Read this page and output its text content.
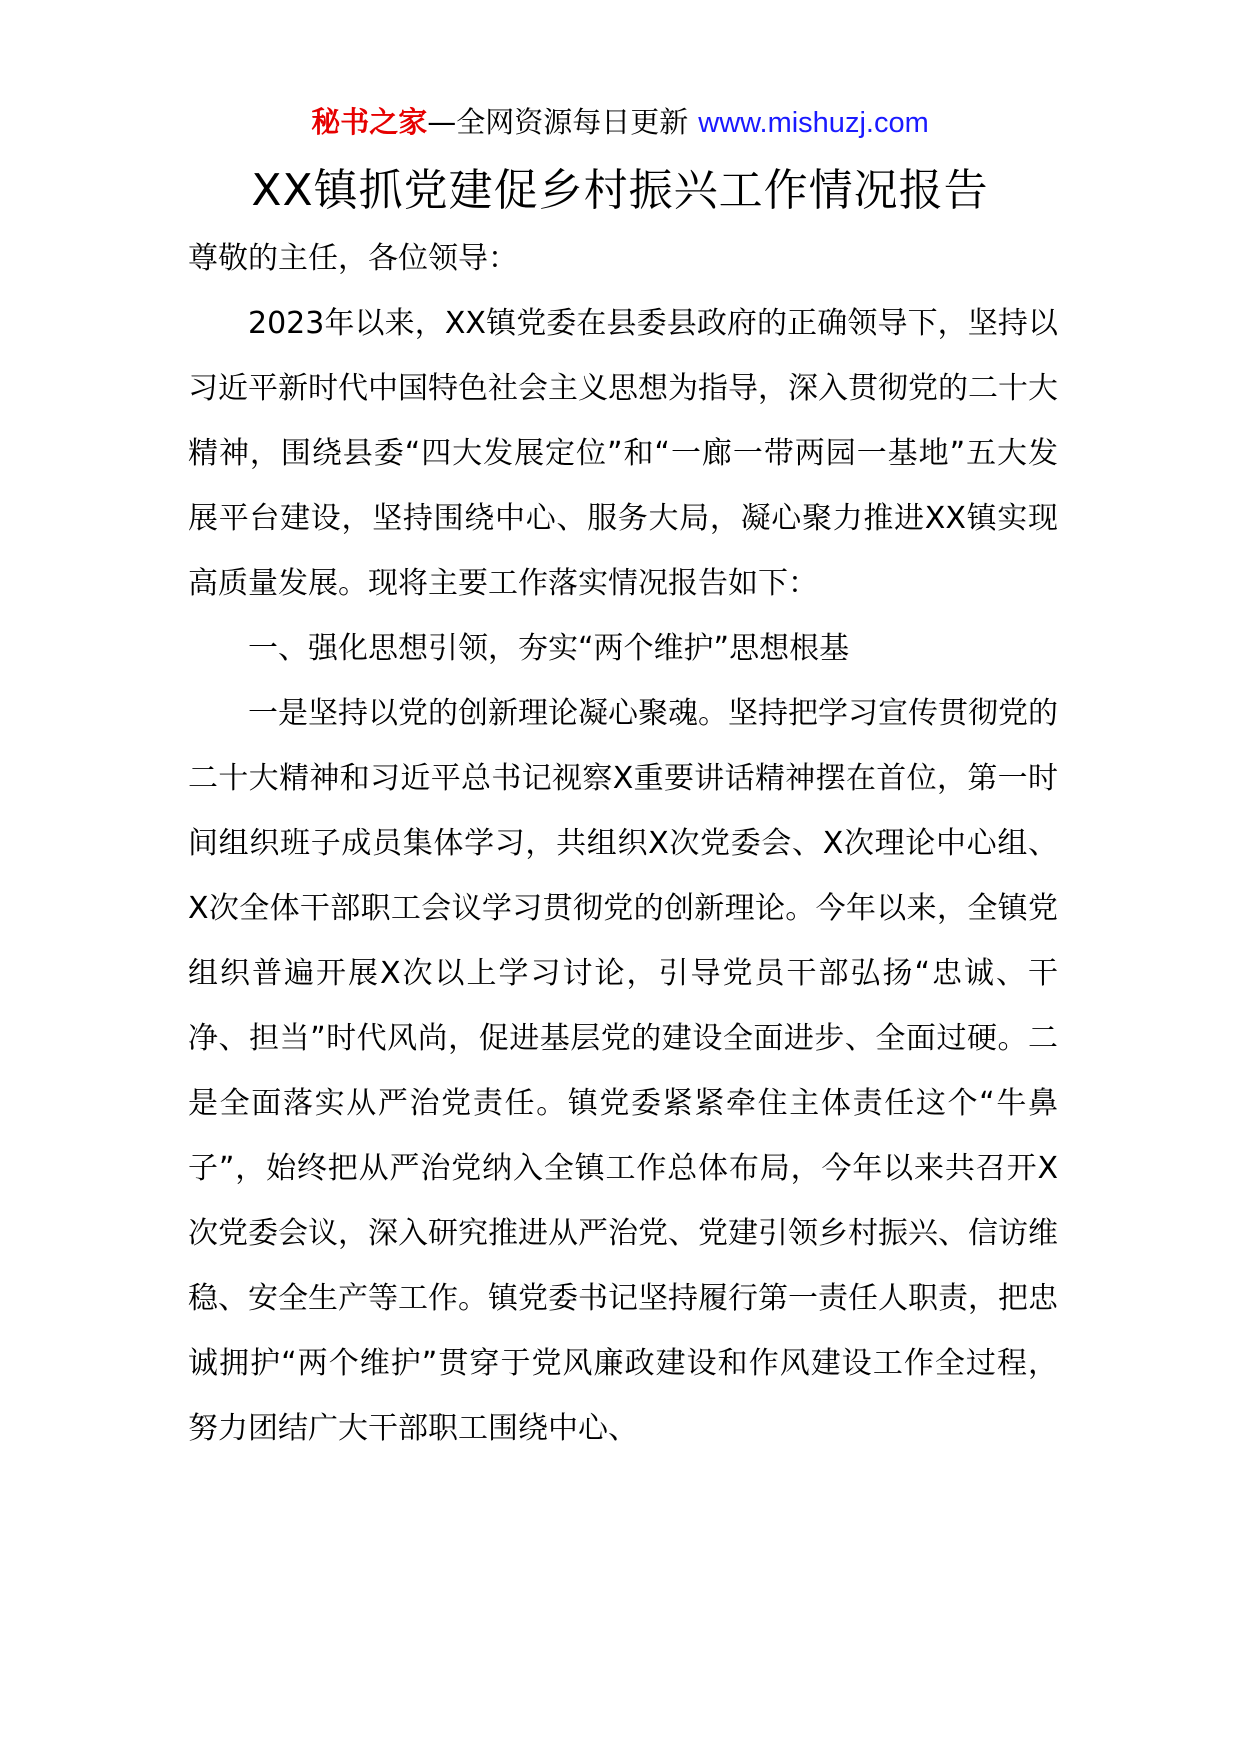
秘书之家—全网资源每日更新 www.mishuzj.com
XX镇抓党建促乡村振兴工作情况报告

尊敬的主任，各位领导：

2023年以来，XX镇党委在县委县政府的正确领导下，坚持以习近平新时代中国特色社会主义思想为指导，深入贯彻党的二十大精神，围绕县委“四大发展定位”和“一廊一带两园一基地”五大发展平台建设，坚持围绕中心、服务大局，凝心聚力推进XX镇实现高质量发展。现将主要工作落实情况报告如下：

一、强化思想引领，夯实“两个维护”思想根基

一是坚持以党的创新理论凝心聚魂。坚持把学习宣传贯彻党的二十大精神和习近平总书记视察X重要讲话精神摆在首位，第一时间组织班子成员集体学习，共组织X次党委会、X次理论中心组、X次全体干部职工会议学习贯彻党的创新理论。今年以来，全镇党组织普遍开展X次以上学习讨论，引导党员干部弘扬“忠诚、干净、担当”时代风尚，促进基层党的建设全面进步、全面过硬。二是全面落实从严治党责任。镇党委紧紧牵住主体责任这个“牛鼻子”，始终把从严治党纳入全镇工作总体布局，今年以来共召开X次党委会议，深入研究推进从严治党、党建引领乡村振兴、信访维稳、安全生产等工作。镇党委书记坚持履行第一责任人职责，把忠诚拥护“两个维护”贯穿于党风廉政建设和作风建设工作全过程，努力团结广大干部职工围绕中心、
